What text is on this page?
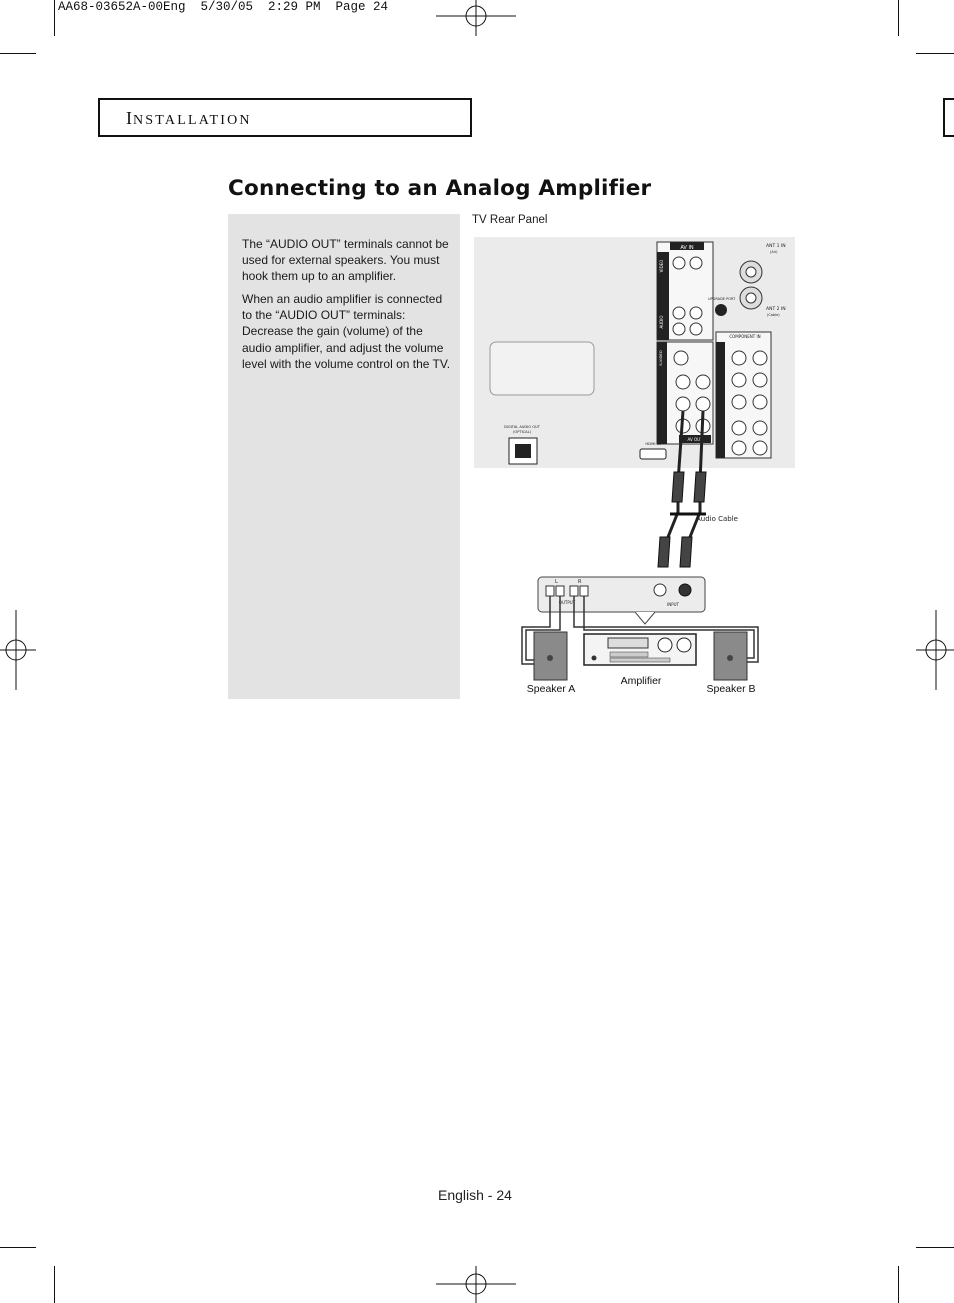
AA68-03652A-00Eng  5/30/05  2:29 PM  Page 24
INSTALLATION
Connecting to an Analog Amplifier

The “AUDIO OUT” terminals cannot be used for external speakers. You must hook them up to an amplifier.

When an audio amplifier is connected to the “AUDIO OUT” terminals: Decrease the gain (volume) of the audio amplifier, and adjust the volume level with the volume control on the TV.

TV Rear Panel
AV IN
VIDEO
AUDIO
ANT 1 IN
(Air)
ANT 2 IN
(Cable)
UPGRADE PORT
COMPONENT IN
S-VIDEO
AV OUT
DIGITAL AUDIO OUT
(OPTICAL)
HDMI IN
Audio Cable
L	R
OUTPUT	INPUT
Speaker A
Amplifier
Speaker B
English - 24
